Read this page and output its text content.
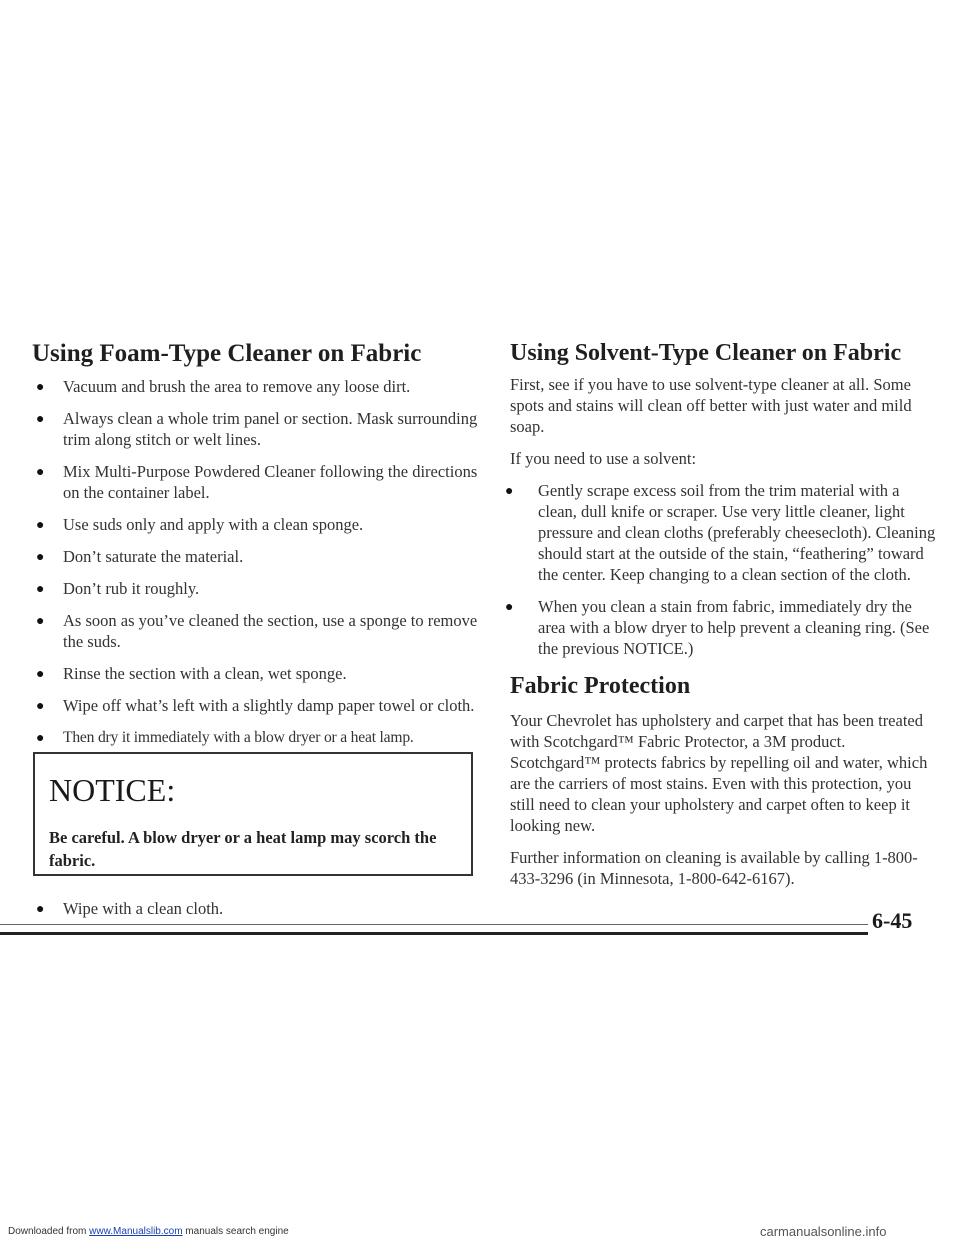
Using Foam-Type Cleaner on Fabric
● Vacuum and brush the area to remove any loose dirt.
● Always clean a whole trim panel or section. Mask surrounding trim along stitch or welt lines.
● Mix Multi-Purpose Powdered Cleaner following the directions on the container label.
● Use suds only and apply with a clean sponge.
● Don’t saturate the material.
● Don’t rub it roughly.
● As soon as you’ve cleaned the section, use a sponge to remove the suds.
● Rinse the section with a clean, wet sponge.
● Wipe off what’s left with a slightly damp paper towel or cloth.
● Then dry it immediately with a blow dryer or a heat lamp.

NOTICE:

Be careful. A blow dryer or a heat lamp may scorch the fabric.

● Wipe with a clean cloth.
Using Solvent-Type Cleaner on Fabric

First, see if you have to use solvent-type cleaner at all. Some spots and stains will clean off better with just water and mild soap.

If you need to use a solvent:

● Gently scrape excess soil from the trim material with a clean, dull knife or scraper. Use very little cleaner, light pressure and clean cloths (preferably cheesecloth). Cleaning should start at the outside of the stain, “feathering” toward the center. Keep changing to a clean section of the cloth.
● When you clean a stain from fabric, immediately dry the area with a blow dryer to help prevent a cleaning ring. (See the previous NOTICE.)
Fabric Protection

Your Chevrolet has upholstery and carpet that has been treated with Scotchgard™ Fabric Protector, a 3M product. Scotchgard™ protects fabrics by repelling oil and water, which are the carriers of most stains. Even with this protection, you still need to clean your upholstery and carpet often to keep it looking new.

Further information on cleaning is available by calling 1-800-433-3296 (in Minnesota, 1-800-642-6167).

6-45
Downloaded from www.Manualslib.com manuals search engine	carmanualsonline.info
